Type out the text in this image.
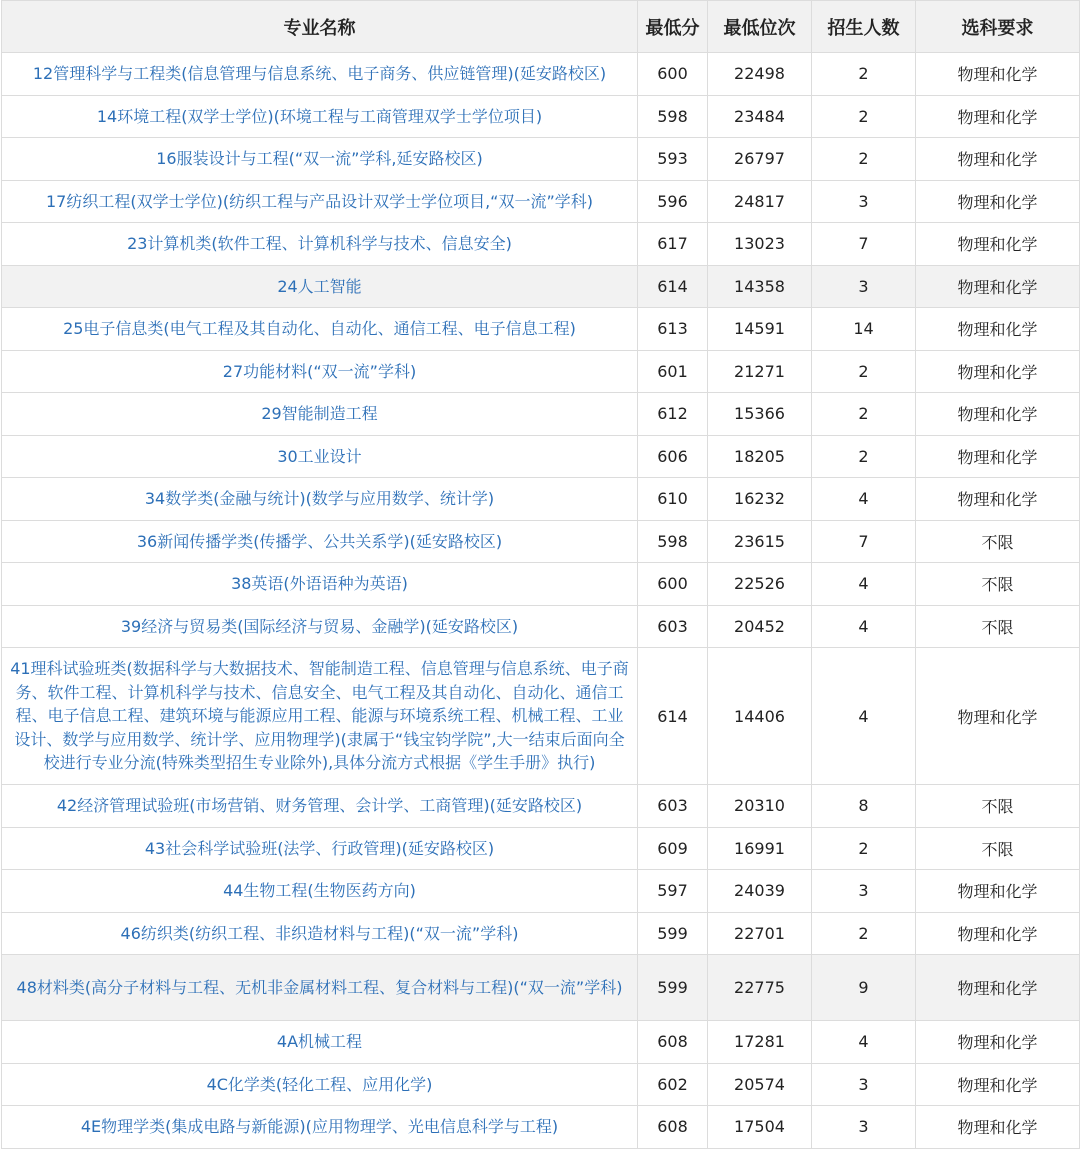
专业名称	最低分	最低位次	招生人数	选科要求
12管理科学与工程类(信息管理与信息系统、电子商务、供应链管理)(延安路校区)	600	22498	2	物理和化学
14环境工程(双学士学位)(环境工程与工商管理双学士学位项目)	598	23484	2	物理和化学
16服装设计与工程(“双一流”学科,延安路校区)	593	26797	2	物理和化学
17纺织工程(双学士学位)(纺织工程与产品设计双学士学位项目,“双一流”学科)	596	24817	3	物理和化学
23计算机类(软件工程、计算机科学与技术、信息安全)	617	13023	7	物理和化学
24人工智能	614	14358	3	物理和化学
25电子信息类(电气工程及其自动化、自动化、通信工程、电子信息工程)	613	14591	14	物理和化学
27功能材料(“双一流”学科)	601	21271	2	物理和化学
29智能制造工程	612	15366	2	物理和化学
30工业设计	606	18205	2	物理和化学
34数学类(金融与统计)(数学与应用数学、统计学)	610	16232	4	物理和化学
36新闻传播学类(传播学、公共关系学)(延安路校区)	598	23615	7	不限
38英语(外语语种为英语)	600	22526	4	不限
39经济与贸易类(国际经济与贸易、金融学)(延安路校区)	603	20452	4	不限
41理科试验班类(数据科学与大数据技术、智能制造工程、信息管理与信息系统、电子商务、软件工程、计算机科学与技术、信息安全、电气工程及其自动化、自动化、通信工程、电子信息工程、建筑环境与能源应用工程、能源与环境系统工程、机械工程、工业设计、数学与应用数学、统计学、应用物理学)(隶属于“钱宝钧学院”,大一结束后面向全校进行专业分流(特殊类型招生专业除外),具体分流方式根据《学生手册》执行)	614	14406	4	物理和化学
42经济管理试验班(市场营销、财务管理、会计学、工商管理)(延安路校区)	603	20310	8	不限
43社会科学试验班(法学、行政管理)(延安路校区)	609	16991	2	不限
44生物工程(生物医药方向)	597	24039	3	物理和化学
46纺织类(纺织工程、非织造材料与工程)(“双一流”学科)	599	22701	2	物理和化学
48材料类(高分子材料与工程、无机非金属材料工程、复合材料与工程)(“双一流”学科)	599	22775	9	物理和化学
4A机械工程	608	17281	4	物理和化学
4C化学类(轻化工程、应用化学)	602	20574	3	物理和化学
4E物理学类(集成电路与新能源)(应用物理学、光电信息科学与工程)	608	17504	3	物理和化学
